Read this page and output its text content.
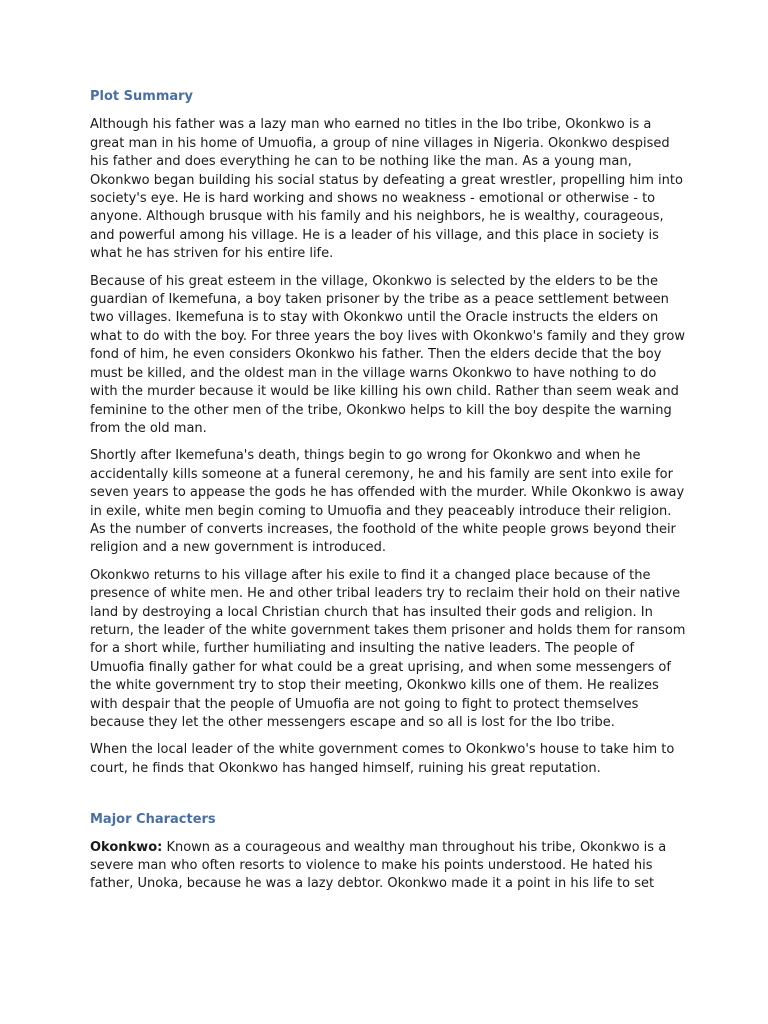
Plot Summary

Although his father was a lazy man who earned no titles in the Ibo tribe, Okonkwo is a great man in his home of Umuofia, a group of nine villages in Nigeria. Okonkwo despised his father and does everything he can to be nothing like the man. As a young man, Okonkwo began building his social status by defeating a great wrestler, propelling him into society's eye. He is hard working and shows no weakness - emotional or otherwise - to anyone. Although brusque with his family and his neighbors, he is wealthy, courageous, and powerful among his village. He is a leader of his village, and this place in society is what he has striven for his entire life.

Because of his great esteem in the village, Okonkwo is selected by the elders to be the guardian of Ikemefuna, a boy taken prisoner by the tribe as a peace settlement between two villages. Ikemefuna is to stay with Okonkwo until the Oracle instructs the elders on what to do with the boy. For three years the boy lives with Okonkwo's family and they grow fond of him, he even considers Okonkwo his father. Then the elders decide that the boy must be killed, and the oldest man in the village warns Okonkwo to have nothing to do with the murder because it would be like killing his own child. Rather than seem weak and feminine to the other men of the tribe, Okonkwo helps to kill the boy despite the warning from the old man.

Shortly after Ikemefuna's death, things begin to go wrong for Okonkwo and when he accidentally kills someone at a funeral ceremony, he and his family are sent into exile for seven years to appease the gods he has offended with the murder. While Okonkwo is away in exile, white men begin coming to Umuofia and they peaceably introduce their religion. As the number of converts increases, the foothold of the white people grows beyond their religion and a new government is introduced.

Okonkwo returns to his village after his exile to find it a changed place because of the presence of white men. He and other tribal leaders try to reclaim their hold on their native land by destroying a local Christian church that has insulted their gods and religion. In return, the leader of the white government takes them prisoner and holds them for ransom for a short while, further humiliating and insulting the native leaders. The people of Umuofia finally gather for what could be a great uprising, and when some messengers of the white government try to stop their meeting, Okonkwo kills one of them. He realizes with despair that the people of Umuofia are not going to fight to protect themselves because they let the other messengers escape and so all is lost for the Ibo tribe.

When the local leader of the white government comes to Okonkwo's house to take him to court, he finds that Okonkwo has hanged himself, ruining his great reputation.

Major Characters

Okonkwo: Known as a courageous and wealthy man throughout his tribe, Okonkwo is a severe man who often resorts to violence to make his points understood. He hated his father, Unoka, because he was a lazy debtor. Okonkwo made it a point in his life to set
